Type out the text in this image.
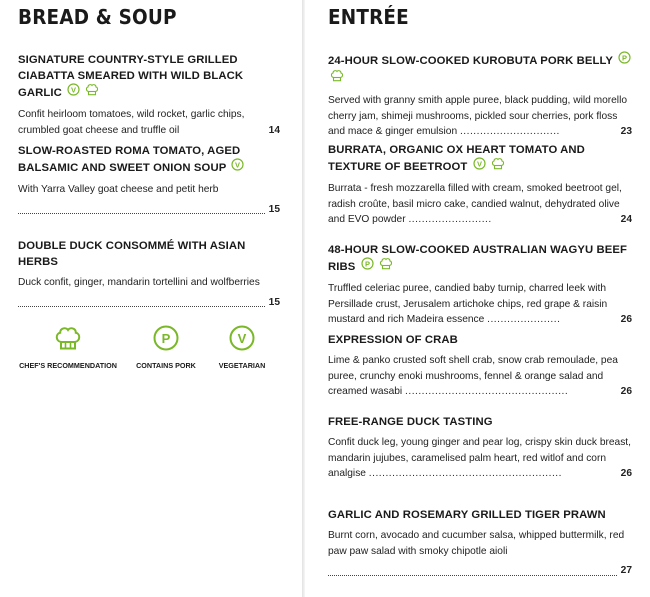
BREAD & SOUP
SIGNATURE COUNTRY-STYLE GRILLED CIABATTA SMEARED WITH WILD BLACK GARLIC V

Confit heirloom tomatoes, wild rocket, garlic chips, crumbled goat cheese and truffle oil	14
SLOW-ROASTED ROMA TOMATO, AGED BALSAMIC AND SWEET ONION SOUP V
With Yarra Valley goat cheese and petit herb
15
DOUBLE DUCK CONSOMMÉ WITH ASIAN HERBS
Duck confit, ginger, mandarin tortellini and wolfberries
15
CHEF'S RECOMMENDATION
P
CONTAINS PORK
V
VEGETARIAN
ENTRÉE
24-HOUR SLOW-COOKED KUROBUTA PORK BELLY P

Served with granny smith apple puree, black pudding, wild morello cherry jam, shimeji mushrooms, pickled sour cherries, pork floss and mace & ginger emulsion ..............................	23
BURRATA, ORGANIC OX HEART TOMATO AND TEXTURE OF BEETROOT V

Burrata - fresh mozzarella filled with cream, smoked beetroot gel, radish croûte, basil micro cake, candied walnut, dehydrated olive and EVO powder .........................	24
48-HOUR SLOW-COOKED AUSTRALIAN WAGYU BEEF RIBS P

Truffled celeriac puree, candied baby turnip, charred leek with Persillade crust, Jerusalem artichoke chips, red grape & raisin mustard and rich Madeira essence ......................	26
EXPRESSION OF CRAB
Lime & panko crusted soft shell crab, snow crab remoulade, pea puree, crunchy enoki mushrooms, fennel & orange salad and creamed wasabi .................................................	26
FREE-RANGE DUCK TASTING
Confit duck leg, young ginger and pear log, crispy skin duck breast, mandarin jujubes, caramelised palm heart, red witlof and corn analgise ..........................................................	26
GARLIC AND ROSEMARY GRILLED TIGER PRAWN
Burnt corn, avocado and cucumber salsa, whipped buttermilk, red paw paw salad with smoky chipotle aioli
27
